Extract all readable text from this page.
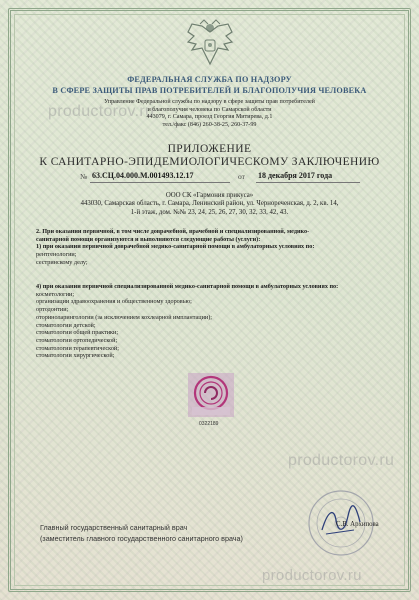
productorov.ru
productorov.ru
productorov.ru
ФЕДЕРАЛЬНАЯ СЛУЖБА ПО НАДЗОРУ
В СФЕРЕ ЗАЩИТЫ ПРАВ ПОТРЕБИТЕЛЕЙ И БЛАГОПОЛУЧИЯ ЧЕЛОВЕКА
Управление Федеральной службы по надзору в сфере защиты прав потребителей
и благополучия человека по Самарской области
443079, г. Самара, проезд Георгия Митирева, д.1
тел./факс (846) 260-38-25, 260-37-99
ПРИЛОЖЕНИЕ
К САНИТАРНО-ЭПИДЕМИОЛОГИЧЕСКОМУ ЗАКЛЮЧЕНИЮ
№ 63.СЦ.04.000.М.001493.12.17	от 18 декабря 2017 года
ООО СК «Гармония прикуса»
443030, Самарская область, г. Самара, Ленинский район, ул. Чернореченская, д. 2, кв. 14,
1-й этаж, дом. №№ 23, 24, 25, 26, 27, 30, 32, 33, 42, 43.
2. При оказании первичной, в том числе доврачебной, врачебной и специализированной, медико-
санитарной помощи организуются и выполняются следующие работы (услуги):
1) при оказании первичной доврачебной медико-санитарной помощи в амбулаторных условиях по:
рентгенологии;
сестринскому делу;
4) при оказании первичной специализированной медико-санитарной помощи в амбулаторных условиях по:
косметологии;
организации здравоохранения и общественному здоровью;
ортодонтии;
оториноларингологии (за исключением кохлеарной имплантации);
стоматологии детской;
стоматологии общей практики;
стоматологии ортопедической;
стоматологии терапевтической;
стоматологии хирургической;
0322189
Главный государственный санитарный врач
(заместитель главного государственного санитарного врача)
С.В. Архипова
